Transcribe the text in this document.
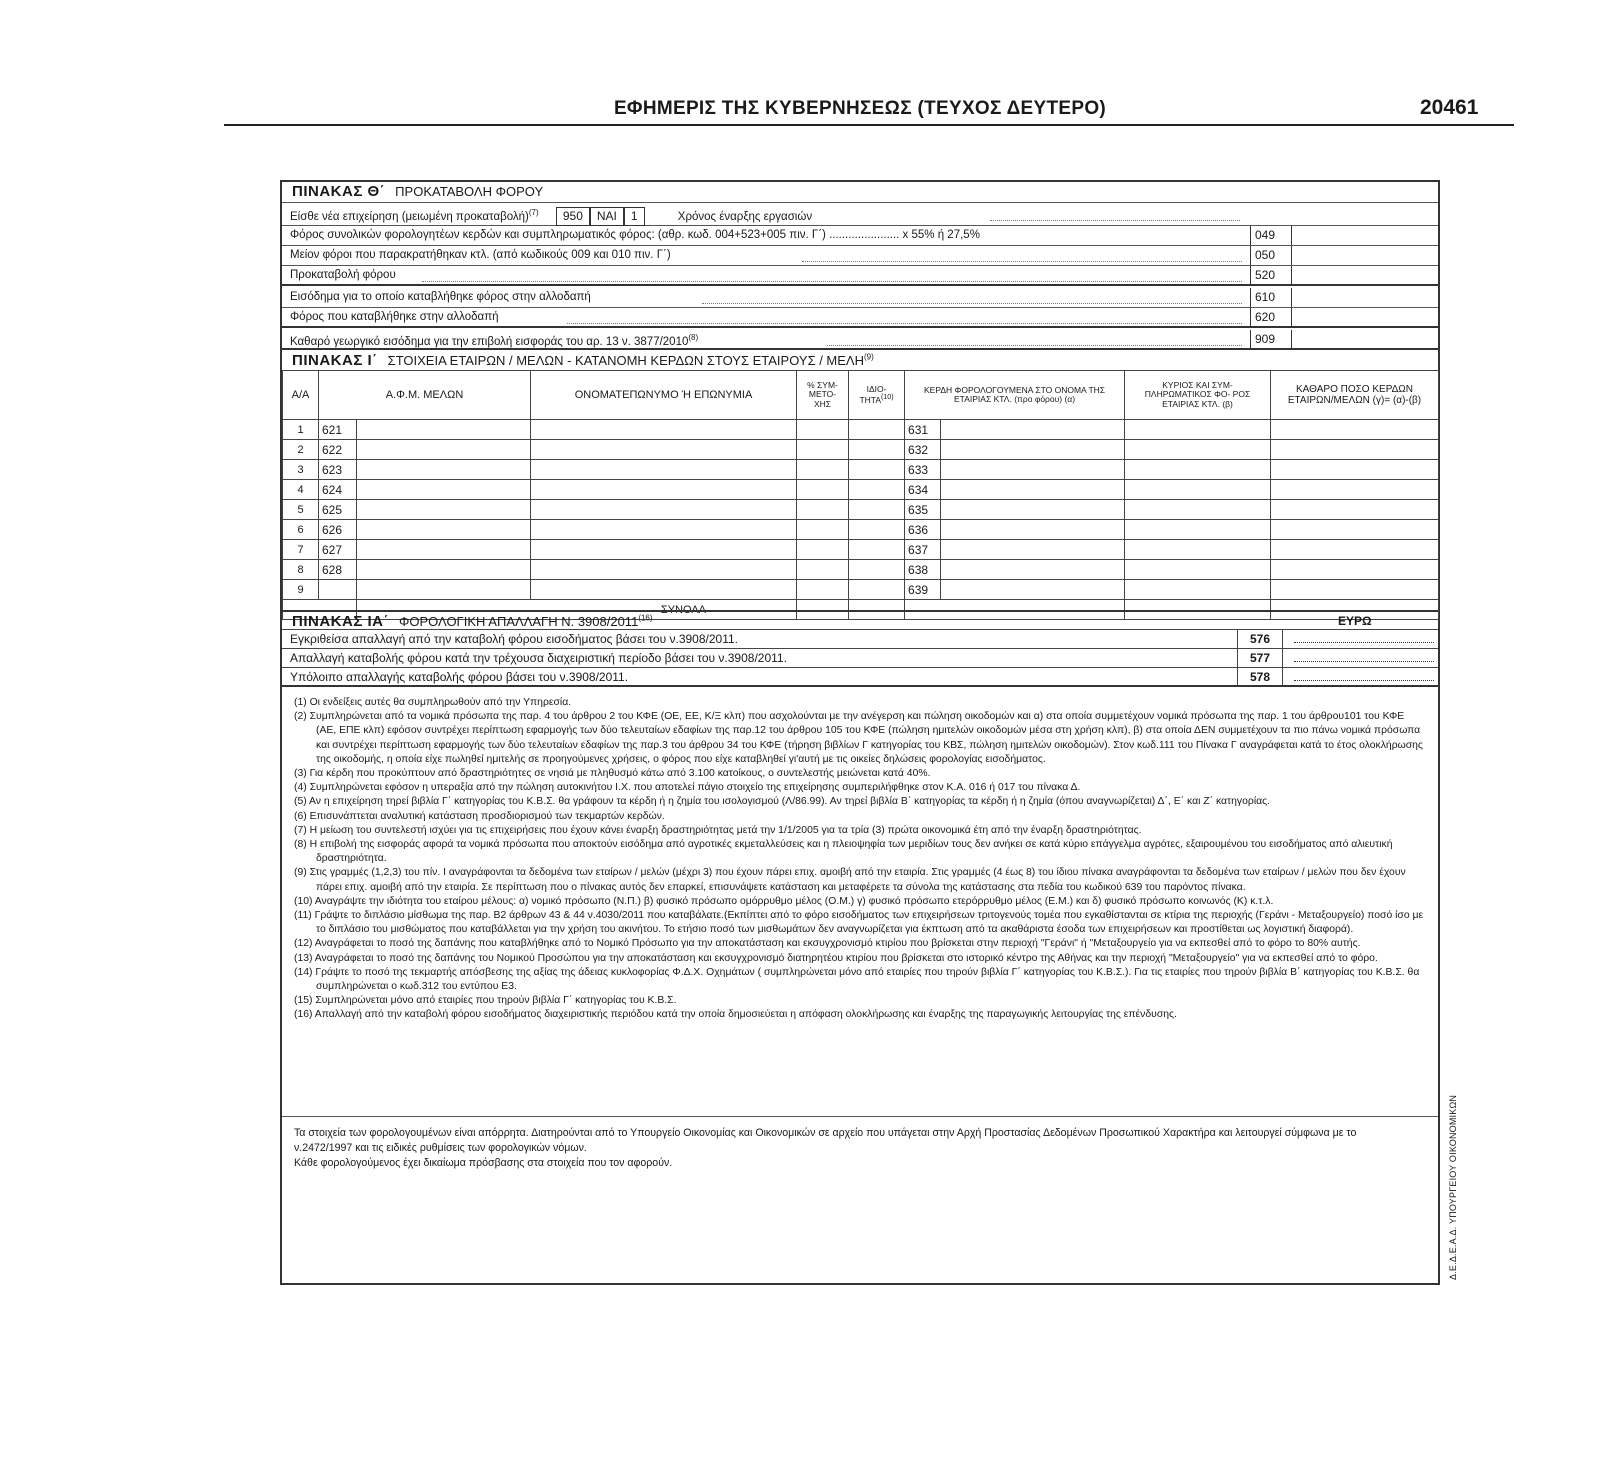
ΕΦΗΜΕΡΙΣ ΤΗΣ ΚΥΒΕΡΝΗΣΕΩΣ (ΤΕΥΧΟΣ ΔΕΥΤΕΡΟ)	20461
ΠΙΝΑΚΑΣ Θ΄ ΠΡΟΚΑΤΑΒΟΛΗ ΦΟΡΟΥ
Είσθε νέα επιχείρηση (μειωμένη προκαταβολή)$^{(7)}$ 950 ΝΑΙ 1	Χρόνος έναρξης εργασιών
Φόρος συνολικών φορολογητέων κερδών και συμπληρωματικός φόρος: (αθρ. κωδ. 004+523+005 πιν. Γ΄) ...................... x 55% ή 27,5%	049
Μείον φόροι που παρακρατήθηκαν κτλ. (από κωδικούς 009 και 010 πιν. Γ΄)	050
Προκαταβολή φόρου	520
Εισόδημα για το οποίο καταβλήθηκε φόρος στην αλλοδαπή	610
Φόρος που καταβλήθηκε στην αλλοδαπή	620
Καθαρό γεωργικό εισόδημα για την επιβολή εισφοράς του αρ. 13 ν. 3877/2010$^{(8)}$	909
ΠΙΝΑΚΑΣ Ι΄ ΣΤΟΙΧΕΙΑ ΕΤΑΙΡΩΝ / ΜΕΛΩΝ - ΚΑΤΑΝΟΜΗ ΚΕΡΔΩΝ ΣΤΟΥΣ ΕΤΑΙΡΟΥΣ / ΜΕΛΗ$^{(9)}$
Α/Α	Α.Φ.Μ. ΜΕΛΩΝ		ΟΝΟΜΑΤΕΠΩΝΥΜΟ Ή ΕΠΩΝΥΜΙΑ	% ΣΥΜ- ΜΕΤΟ- ΧΗΣ	ΙΔΙΟ- ΤΗΤΑ$^{(10)}$	ΚΕΡΔΗ ΦΟΡΟΛΟΓΟΥΜΕΝΑ ΣΤΟ ΟΝΟΜΑ ΤΗΣ ΕΤΑΙΡΙΑΣ ΚΤΛ. (προ φόρου) (α)		ΚΥΡΙΟΣ ΚΑΙ ΣΥΜ- ΠΛΗΡΩΜΑΤΙΚΟΣ ΦΟ- ΡΟΣ ΕΤΑΙΡΙΑΣ ΚΤΛ. (β)	ΚΑΘΑΡΟ ΠΟΣΟ ΚΕΡΔΩΝ ΕΤΑΙΡΩΝ/ΜΕΛΩΝ (γ)= (α)-(β)
1	621					631			
2	622					632			
3	623					633			
4	624					634			
5	625					635			
6	626					636			
7	627					637			
8	628					638			
9						639			
		ΣΥΝΟΛΑ							
ΠΙΝΑΚΑΣ ΙΑ΄ ΦΟΡΟΛΟΓΙΚΗ ΑΠΑΛΛΑΓΗ Ν. 3908/2011$^{(16)}$	ΕΥΡΩ
Εγκριθείσα απαλλαγή από την καταβολή φόρου εισοδήματος βάσει του ν.3908/2011.	576
Απαλλαγή καταβολής φόρου κατά την τρέχουσα διαχειριστική περίοδο βάσει του ν.3908/2011.	577
Υπόλοιπο απαλλαγής καταβολής φόρου βάσει του ν.3908/2011.	578

(1) Οι ενδείξεις αυτές θα συμπληρωθούν από την Υπηρεσία.

(2) Συμπληρώνεται από τα νομικά πρόσωπα της παρ. 4 του άρθρου 2 του ΚΦΕ (ΟΕ, ΕΕ, Κ/Ξ κλπ) που ασχολούνται με την ανέγερση και πώληση οικοδομών και α) στα οποία συμμετέχουν νομικά πρόσωπα της παρ. 1 του άρθρου101 του ΚΦΕ (ΑΕ, ΕΠΕ κλπ) εφόσον συντρέχει περίπτωση εφαρμογής των δύο τελευταίων εδαφίων της παρ.12 του άρθρου 105 του ΚΦΕ (πώληση ημιτελών οικοδομών μέσα στη χρήση κλπ), β) στα οποία ΔΕΝ συμμετέχουν τα πιο πάνω νομικά πρόσωπα και συντρέχει περίπτωση εφαρμογής των δύο τελευταίων εδαφίων της παρ.3 του άρθρου 34 του ΚΦΕ (τήρηση βιβλίων Γ κατηγορίας του ΚΒΣ, πώληση ημιτελών οικοδομών). Στον κωδ.111 του Πίνακα Γ αναγράφεται κατά το έτος ολοκλήρωσης της οικοδομής, η οποία είχε πωληθεί ημιτελής σε προηγούμενες χρήσεις, ο φόρος που είχε καταβληθεί γι'αυτή με τις οικείες δηλώσεις φορολογίας εισοδήματος.

(3) Για κέρδη που προκύπτουν από δραστηριότητες σε νησιά με πληθυσμό κάτω από 3.100 κατοίκους, ο συντελεστής μειώνεται κατά 40%.

(4) Συμπληρώνεται εφόσον η υπεραξία από την πώληση αυτοκινήτου Ι.Χ. που αποτελεί πάγιο στοιχείο της επιχείρησης συμπεριλήφθηκε στον Κ.Α. 016 ή 017 του πίνακα Δ.

(5) Αν η επιχείρηση τηρεί βιβλία Γ΄ κατηγορίας του Κ.Β.Σ. θα γράφουν τα κέρδη ή η ζημία του ισολογισμού (Λ/86.99). Αν τηρεί βιβλία Β΄ κατηγορίας τα κέρδη ή η ζημία (όπου αναγνωρίζεται) Δ΄, Ε΄ και Ζ΄ κατηγορίας.

(6) Επισυνάπτεται αναλυτική κατάσταση προσδιορισμού των τεκμαρτών κερδών.

(7) Η μείωση του συντελεστή ισχύει για τις επιχειρήσεις που έχουν κάνει έναρξη δραστηριότητας μετά την 1/1/2005 για τα τρία (3) πρώτα οικονομικά έτη από την έναρξη δραστηριότητας.

(8) Η επιβολή της εισφοράς αφορά τα νομικά πρόσωπα που αποκτούν εισόδημα από αγροτικές εκμεταλλεύσεις και η πλειοψηφία των μεριδίων τους δεν ανήκει σε κατά κύριο επάγγελμα αγρότες, εξαιρουμένου του εισοδήματος από αλιευτική δραστηριότητα.

(9) Στις γραμμές (1,2,3) του πίν. Ι αναγράφονται τα δεδομένα των εταίρων / μελών (μέχρι 3) που έχουν πάρει επιχ. αμοιβή από την εταιρία. Στις γραμμές (4 έως 8) του ίδιου πίνακα αναγράφονται τα δεδομένα των εταίρων / μελών που δεν έχουν πάρει επιχ. αμοιβή από την εταιρία. Σε περίπτωση που ο πίνακας αυτός δεν επαρκεί, επισυνάψετε κατάσταση και μεταφέρετε τα σύνολα της κατάστασης στα πεδία του κωδικού 639 του παρόντος πίνακα.

(10) Αναγράψτε την ιδιότητα του εταίρου μέλους: α) νομικό πρόσωπο (Ν.Π.) β) φυσικό πρόσωπο ομόρρυθμο μέλος (Ο.Μ.) γ) φυσικό πρόσωπο ετερόρρυθμο μέλος (Ε.Μ.) και δ) φυσικό πρόσωπο κοινωνός (Κ) κ.τ.λ.

(11) Γράψτε το διπλάσιο μίσθωμα της παρ. Β2 άρθρων 43 & 44 ν.4030/2011 που καταβάλατε.(Εκπίπτει από το φόρο εισοδήματος των επιχειρήσεων τριτογενούς τομέα που εγκαθίστανται σε κτίρια της περιοχής (Γεράνι - Μεταξουργείο) ποσό ίσο με το διπλάσιο του μισθώματος που καταβάλλεται για την χρήση του ακινήτου. Το ετήσιο ποσό των μισθωμάτων δεν αναγνωρίζεται για έκπτωση από τα ακαθάριστα έσοδα των επιχειρήσεων και προστίθεται ως λογιστική διαφορά).

(12) Αναγράφεται το ποσό της δαπάνης που καταβλήθηκε από το Νομικό Πρόσωπο για την αποκατάσταση και εκσυγχρονισμό κτιρίου που βρίσκεται στην περιοχή "Γεράνι" ή "Μεταξουργείο για να εκπεσθεί από το φόρο το 80% αυτής.

(13) Αναγράφεται το ποσό της δαπάνης του Νομικού Προσώπου για την αποκατάσταση και εκσυγχρονισμό διατηρητέου κτιρίου που βρίσκεται στο ιστορικό κέντρο της Αθήνας και την περιοχή "Μεταξουργείο" για να εκπεσθεί από το φόρο.

(14) Γράψτε το ποσό της τεκμαρτής απόσβεσης της αξίας της άδειας κυκλοφορίας Φ.Δ.Χ. Οχημάτων ( συμπληρώνεται μόνο από εταιρίες που τηρούν βιβλία Γ΄ κατηγορίας του Κ.Β.Σ.). Για τις εταιρίες που τηρούν βιβλία Β΄ κατηγορίας του Κ.Β.Σ. θα συμπληρώνεται ο κωδ.312 του εντύπου Ε3.

(15) Συμπληρώνεται μόνο από εταιρίες που τηρούν βιβλία Γ΄ κατηγορίας του Κ.Β.Σ.

(16) Απαλλαγή από την καταβολή φόρου εισοδήματος διαχειριστικής περιόδου κατά την οποία δημοσιεύεται η απόφαση ολοκλήρωσης και έναρξης της παραγωγικής λειτουργίας της επένδυσης.

Τα στοιχεία των φορολογουμένων είναι απόρρητα. Διατηρούνται από το Υπουργείο Οικονομίας και Οικονομικών σε αρχείο που υπάγεται στην Αρχή Προστασίας Δεδομένων Προσωπικού Χαρακτήρα και λειτουργεί σύμφωνα με το ν.2472/1997 και τις ειδικές ρυθμίσεις των φορολογικών νόμων.
Κάθε φορολογούμενος έχει δικαίωμα πρόσβασης στα στοιχεία που τον αφορούν.	Δ.Ε.Δ.Ε.Α.Δ. ΥΠΟΥΡΓΕΙΟΥ ΟΙΚΟΝΟΜΙΚΩΝ
